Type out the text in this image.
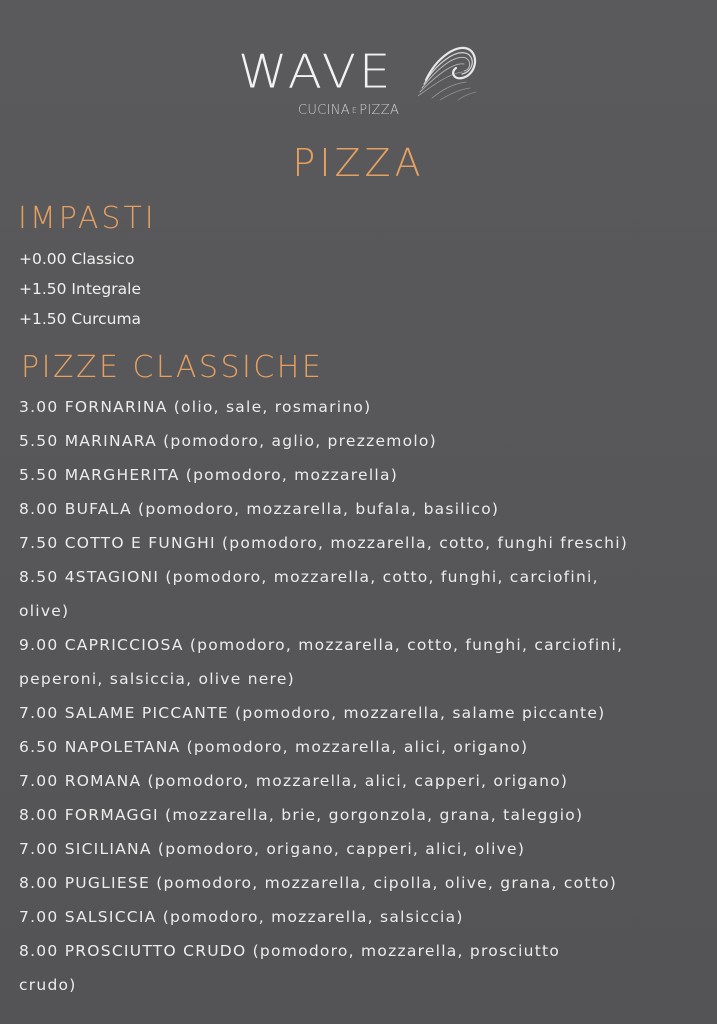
WAVE
CUCINA E PIZZA
PIZZA
IMPASTI
+0.00 Classico
+1.50 Integrale
+1.50 Curcuma
PIZZE CLASSICHE
3.00 FORNARINA (olio, sale, rosmarino)
5.50 MARINARA (pomodoro, aglio, prezzemolo)
5.50 MARGHERITA (pomodoro, mozzarella)
8.00 BUFALA (pomodoro, mozzarella, bufala, basilico)
7.50 COTTO E FUNGHI (pomodoro, mozzarella, cotto, funghi freschi)
8.50 4STAGIONI (pomodoro, mozzarella, cotto, funghi, carciofini,
olive)
9.00 CAPRICCIOSA (pomodoro, mozzarella, cotto, funghi, carciofini,
peperoni, salsiccia, olive nere)
7.00 SALAME PICCANTE (pomodoro, mozzarella, salame piccante)
6.50 NAPOLETANA (pomodoro, mozzarella, alici, origano)
7.00 ROMANA (pomodoro, mozzarella, alici, capperi, origano)
8.00 FORMAGGI (mozzarella, brie, gorgonzola, grana, taleggio)
7.00 SICILIANA (pomodoro, origano, capperi, alici, olive)
8.00 PUGLIESE (pomodoro, mozzarella, cipolla, olive, grana, cotto)
7.00 SALSICCIA (pomodoro, mozzarella, salsiccia)
8.00 PROSCIUTTO CRUDO (pomodoro, mozzarella, prosciutto
crudo)
